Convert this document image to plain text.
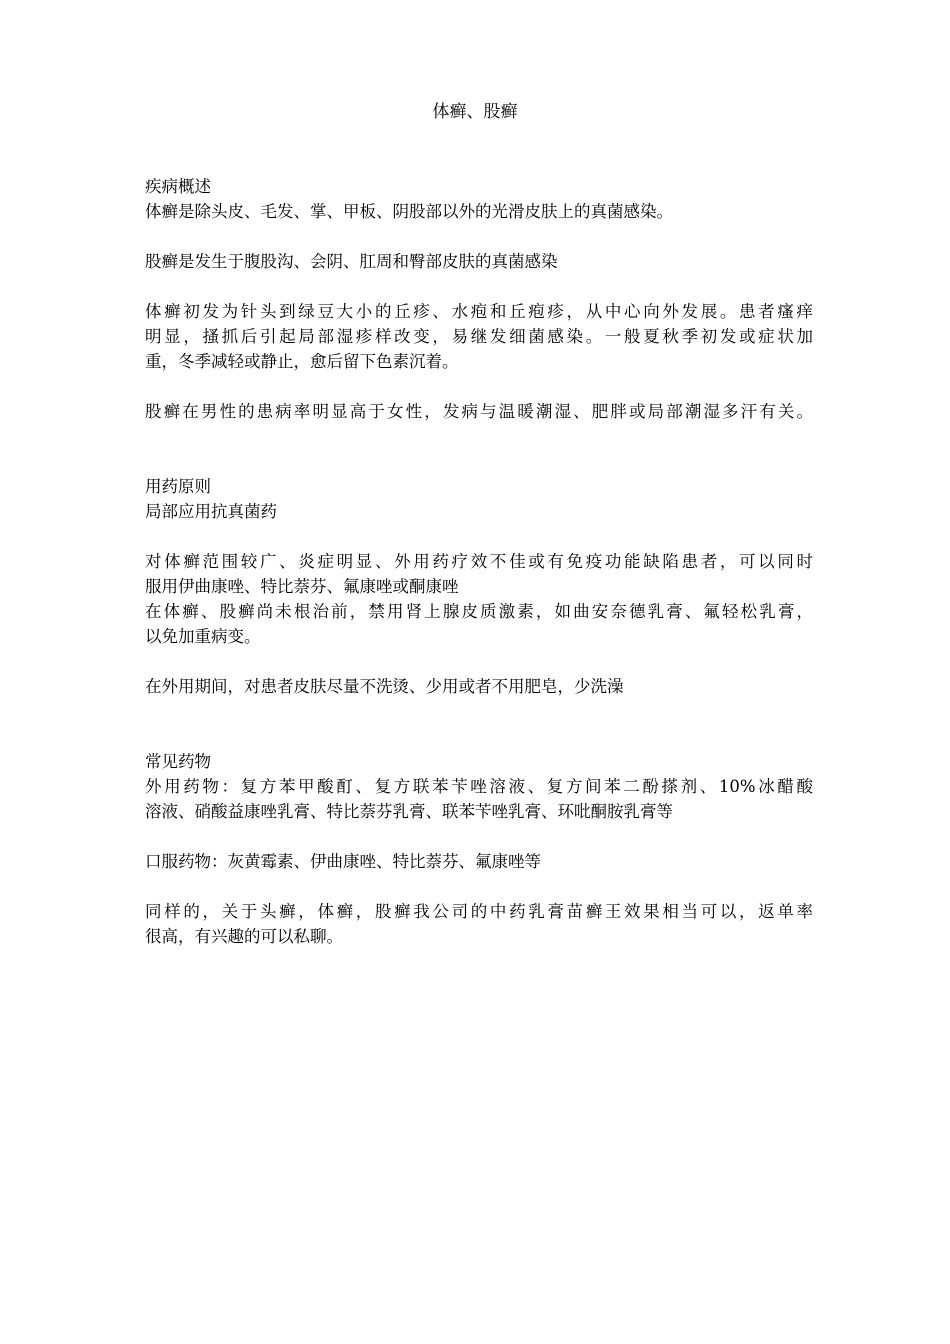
体癣、股癣
疾病概述
体癣是除头皮、毛发、掌、甲板、阴股部以外的光滑皮肤上的真菌感染。
股癣是发生于腹股沟、会阴、肛周和臀部皮肤的真菌感染
体癣初发为针头到绿豆大小的丘疹、水疱和丘疱疹，从中心向外发展。患者瘙痒
明显，搔抓后引起局部湿疹样改变，易继发细菌感染。一般夏秋季初发或症状加
重，冬季减轻或静止，愈后留下色素沉着。
股癣在男性的患病率明显高于女性，发病与温暖潮湿、肥胖或局部潮湿多汗有关。
用药原则
局部应用抗真菌药
对体癣范围较广、炎症明显、外用药疗效不佳或有免疫功能缺陷患者，可以同时
服用伊曲康唑、特比萘芬、氟康唑或酮康唑
在体癣、股癣尚未根治前，禁用肾上腺皮质激素，如曲安奈德乳膏、氟轻松乳膏，
以免加重病变。
在外用期间，对患者皮肤尽量不洗烫、少用或者不用肥皂，少洗澡
常见药物
外用药物：复方苯甲酸酊、复方联苯苄唑溶液、复方间苯二酚搽剂、10%冰醋酸
溶液、硝酸益康唑乳膏、特比萘芬乳膏、联苯苄唑乳膏、环吡酮胺乳膏等
口服药物：灰黄霉素、伊曲康唑、特比萘芬、氟康唑等
同样的，关于头癣，体癣，股癣我公司的中药乳膏苗癣王效果相当可以，返单率
很高，有兴趣的可以私聊。
